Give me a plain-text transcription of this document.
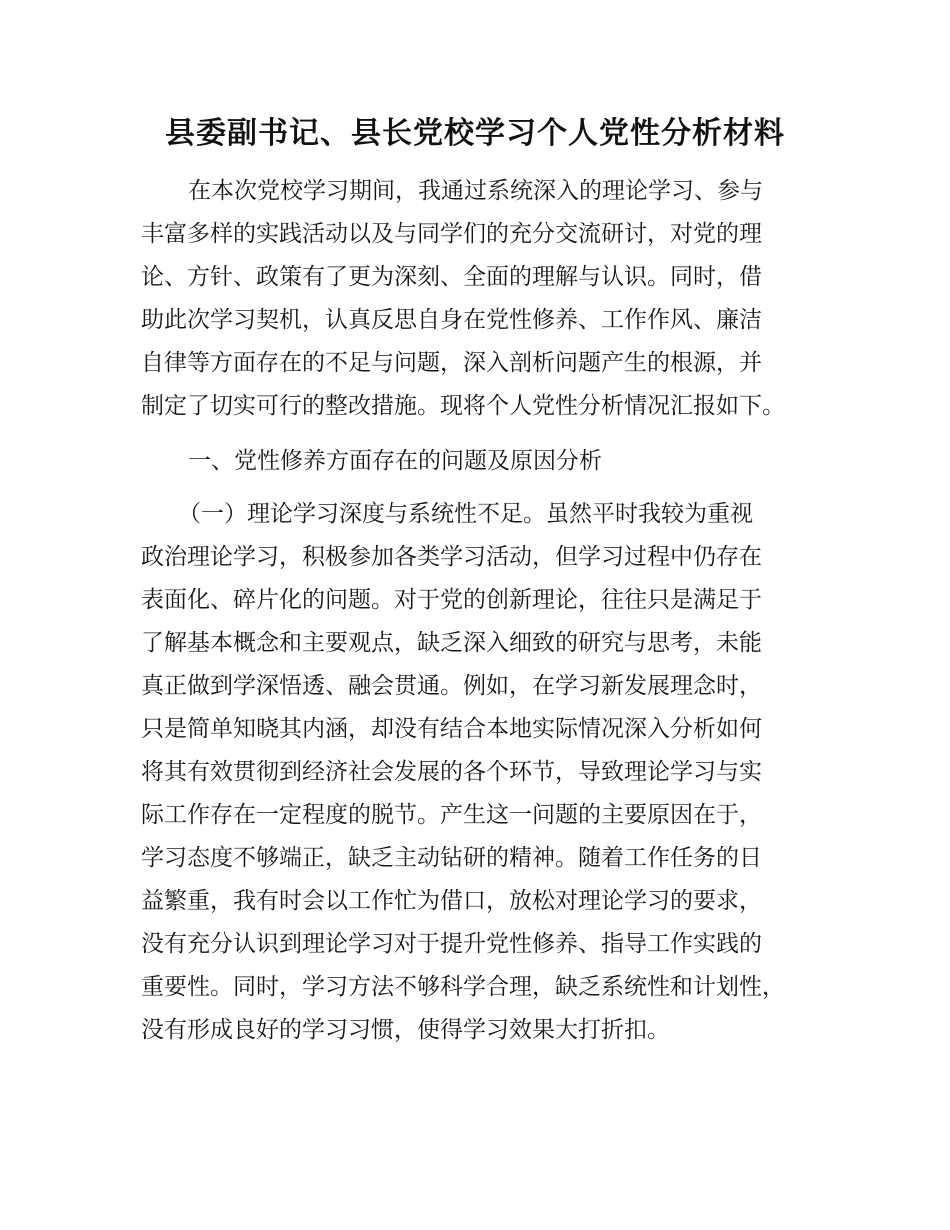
县委副书记、县长党校学习个人党性分析材料
在本次党校学习期间，我通过系统深入的理论学习、参与
丰富多样的实践活动以及与同学们的充分交流研讨，对党的理
论、方针、政策有了更为深刻、全面的理解与认识。同时，借
助此次学习契机，认真反思自身在党性修养、工作作风、廉洁
自律等方面存在的不足与问题，深入剖析问题产生的根源，并
制定了切实可行的整改措施。现将个人党性分析情况汇报如下。
一、党性修养方面存在的问题及原因分析
（一）理论学习深度与系统性不足。虽然平时我较为重视
政治理论学习，积极参加各类学习活动，但学习过程中仍存在
表面化、碎片化的问题。对于党的创新理论，往往只是满足于
了解基本概念和主要观点，缺乏深入细致的研究与思考，未能
真正做到学深悟透、融会贯通。例如，在学习新发展理念时，
只是简单知晓其内涵，却没有结合本地实际情况深入分析如何
将其有效贯彻到经济社会发展的各个环节，导致理论学习与实
际工作存在一定程度的脱节。产生这一问题的主要原因在于，
学习态度不够端正，缺乏主动钻研的精神。随着工作任务的日
益繁重，我有时会以工作忙为借口，放松对理论学习的要求，
没有充分认识到理论学习对于提升党性修养、指导工作实践的
重要性。同时，学习方法不够科学合理，缺乏系统性和计划性，
没有形成良好的学习习惯，使得学习效果大打折扣。
